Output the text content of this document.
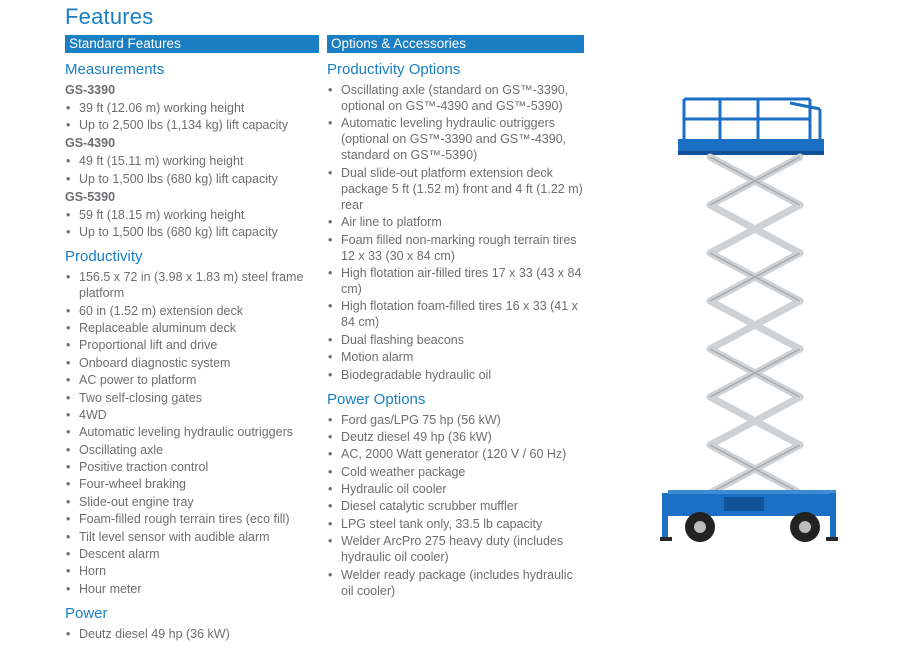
Features
Standard Features
Measurements
GS-3390
• 39 ft (12.06 m) working height
• Up to 2,500 lbs (1,134 kg) lift capacity
GS-4390
• 49 ft (15.11 m) working height
• Up to 1,500 lbs (680 kg) lift capacity
GS-5390
• 59 ft (18.15 m) working height
• Up to 1,500 lbs (680 kg) lift capacity
Productivity
• 156.5 x 72 in (3.98 x 1.83 m) steel frame platform
• 60 in (1.52 m) extension deck
• Replaceable aluminum deck
• Proportional lift and drive
• Onboard diagnostic system
• AC power to platform
• Two self-closing gates
• 4WD
• Automatic leveling hydraulic outriggers
• Oscillating axle
• Positive traction control
• Four-wheel braking
• Slide-out engine tray
• Foam-filled rough terrain tires (eco fill)
• Tilt level sensor with audible alarm
• Descent alarm
• Horn
• Hour meter
Power
• Deutz diesel 49 hp (36 kW)
Options & Accessories
Productivity Options
• Oscillating axle (standard on GS™-3390, optional on GS™-4390 and GS™-5390)
• Automatic leveling hydraulic outriggers (optional on GS™-3390 and GS™-4390, standard on GS™-5390)
• Dual slide-out platform extension deck package 5 ft (1.52 m) front and 4 ft (1.22 m) rear
• Air line to platform
• Foam filled non-marking rough terrain tires 12 x 33 (30 x 84 cm)
• High flotation air-filled tires 17 x 33 (43 x 84 cm)
• High flotation foam-filled tires 16 x 33 (41 x 84 cm)
• Dual flashing beacons
• Motion alarm
• Biodegradable hydraulic oil
Power Options
• Ford gas/LPG 75 hp (56 kW)
• Deutz diesel 49 hp (36 kW)
• AC, 2000 Watt generator (120 V / 60 Hz)
• Cold weather package
• Hydraulic oil cooler
• Diesel catalytic scrubber muffler
• LPG steel tank only, 33.5 lb capacity
• Welder ArcPro 275 heavy duty (includes hydraulic oil cooler)
• Welder ready package (includes hydraulic oil cooler)
